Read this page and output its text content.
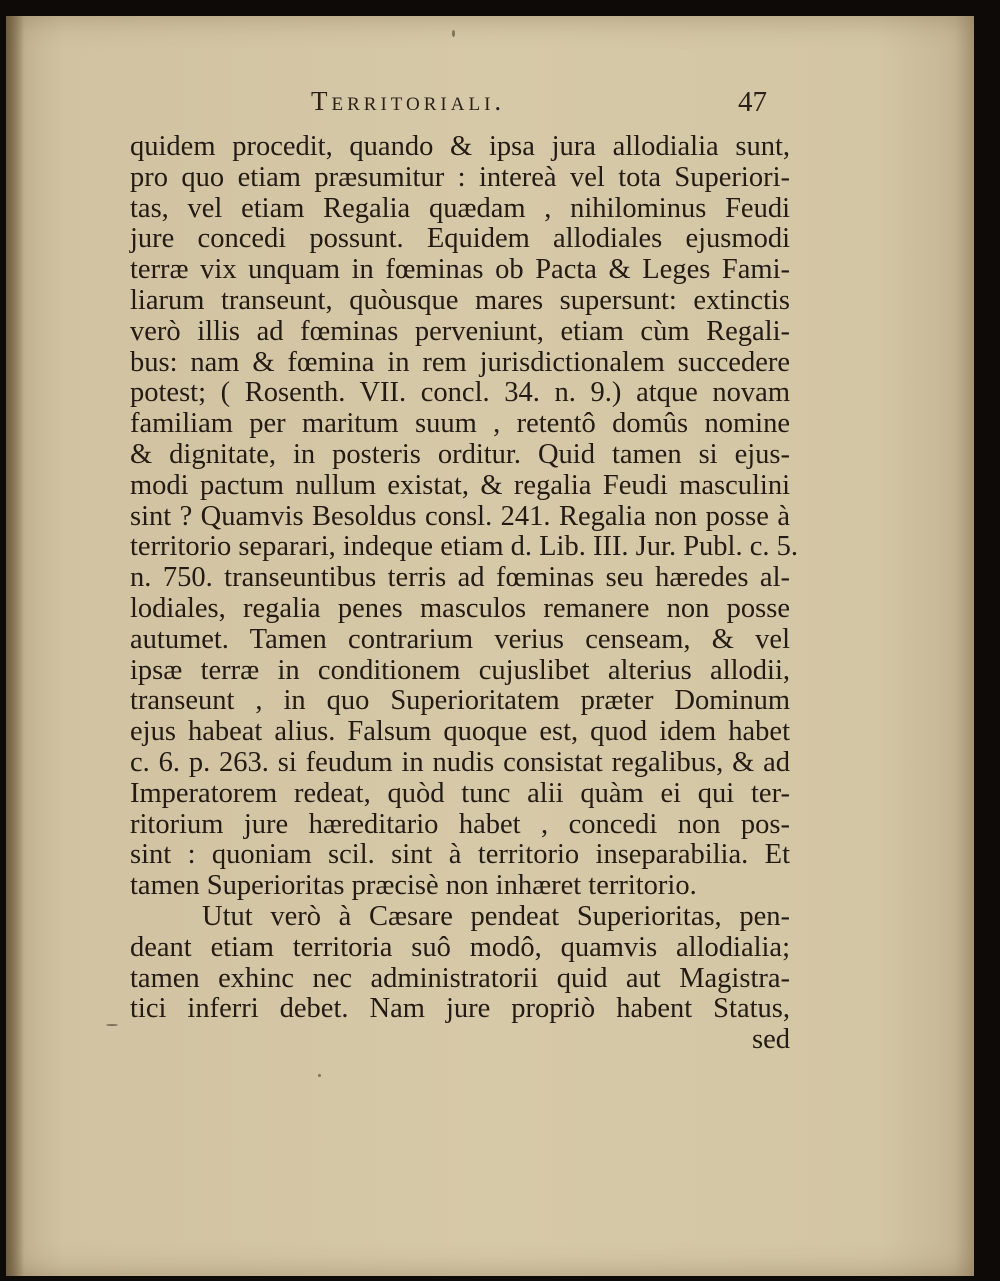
Territoriali.	47
quidem procedit, quando & ipsa jura allodialia sunt,
pro quo etiam præsumitur : intereà vel tota Superiori-
tas, vel etiam Regalia quædam , nihilominus Feudi
jure concedi possunt. Equidem allodiales ejusmodi
terræ vix unquam in fœminas ob Pacta & Leges Fami-
liarum transeunt, quòusque mares supersunt: extinctis
verò illis ad fœminas perveniunt, etiam cùm Regali-
bus: nam & fœmina in rem jurisdictionalem succedere
potest; ( Rosenth. VII. concl. 34. n. 9.) atque novam
familiam per maritum suum , retentô domûs nomine
& dignitate, in posteris orditur. Quid tamen si ejus-
modi pactum nullum existat, & regalia Feudi masculini
sint ? Quamvis Besoldus consl. 241. Regalia non posse à
territorio separari, indeque etiam d. Lib. III. Jur. Publ. c. 5.
n. 750. transeuntibus terris ad fœminas seu hæredes al-
lodiales, regalia penes masculos remanere non posse
autumet. Tamen contrarium verius censeam, & vel
ipsæ terræ in conditionem cujuslibet alterius allodii,
transeunt , in quo Superioritatem præter Dominum
ejus habeat alius. Falsum quoque est, quod idem habet
c. 6. p. 263. si feudum in nudis consistat regalibus, & ad
Imperatorem redeat, quòd tunc alii quàm ei qui ter-
ritorium jure hæreditario habet , concedi non pos-
sint : quoniam scil. sint à territorio inseparabilia. Et
tamen Superioritas præcisè non inhæret territorio.
Utut verò à Cæsare pendeat Superioritas, pen-
deant etiam territoria suô modô, quamvis allodialia;
tamen exhinc nec administratorii quid aut Magistra-
tici inferri debet. Nam jure propriò habent Status,
sed
